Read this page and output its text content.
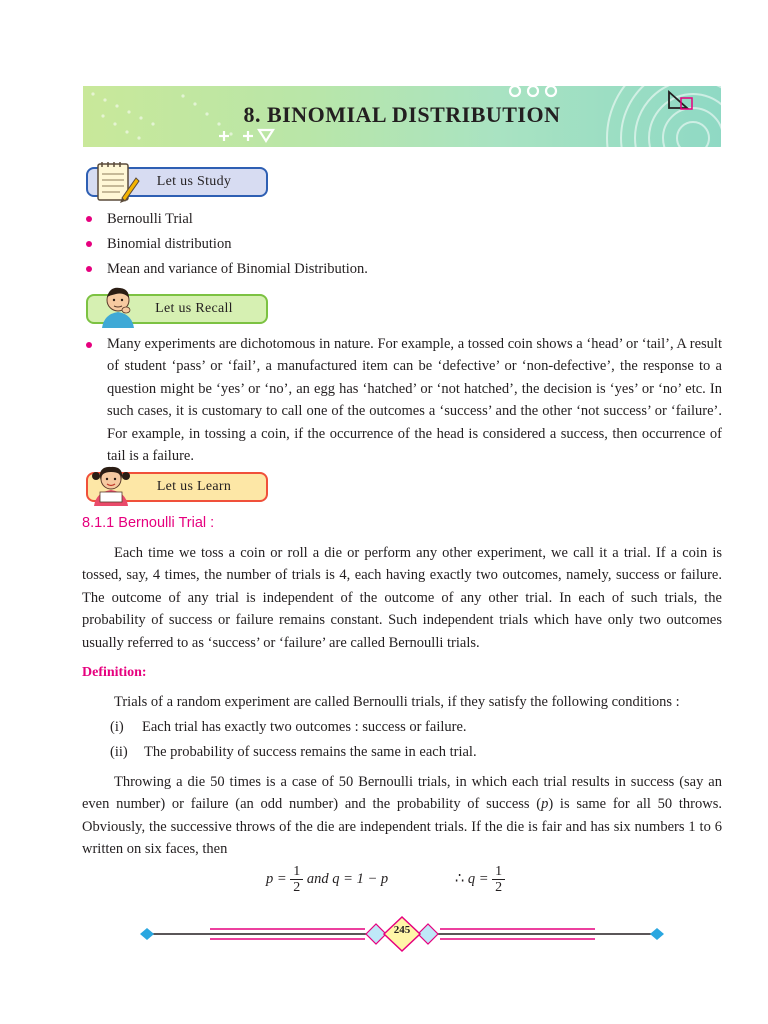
8. BINOMIAL DISTRIBUTION
Let us Study
Bernoulli Trial
Binomial distribution
Mean and variance of Binomial Distribution.
Let us Recall
Many experiments are dichotomous in nature. For example, a tossed coin shows a ‘head’ or ‘tail’, A result of student ‘pass’ or ‘fail’, a manufactured item can be ‘defective’ or ‘non-defective’, the response to a question might be ‘yes’ or ‘no’, an egg has ‘hatched’ or ‘not hatched’, the decision is ‘yes’ or ‘no’ etc. In such cases, it is customary to call one of the outcomes a ‘success’ and the other ‘not success’ or ‘failure’. For example, in tossing a coin, if the occurrence of the head is considered a success, then occurrence of tail is a failure.
Let us Learn
8.1.1 Bernoulli Trial :
Each time we toss a coin or roll a die or perform any other experiment, we call it a trial. If a coin is tossed, say, 4 times, the number of trials is 4, each having exactly two outcomes, namely, success or failure. The outcome of any trial is independent of the outcome of any other trial. In each of such trials, the probability of success or failure remains constant. Such independent trials which have only two outcomes usually referred to as ‘success’ or ‘failure’ are called Bernoulli trials.
Definition:
Trials of a random experiment are called Bernoulli trials, if they satisfy the following conditions :
(i) Each trial has exactly two outcomes : success or failure.
(ii) The probability of success remains the same in each trial.
Throwing a die 50 times is a case of 50 Bernoulli trials, in which each trial results in success (say an even number) or failure (an odd number) and the probability of success (p) is same for all 50 throws. Obviously, the successive throws of the die are independent trials. If the die is fair and has six numbers 1 to 6 written on six faces, then
$p = \frac{1}{2}$ and q = 1 − p	∴ $q = \frac{1}{2}$
245
